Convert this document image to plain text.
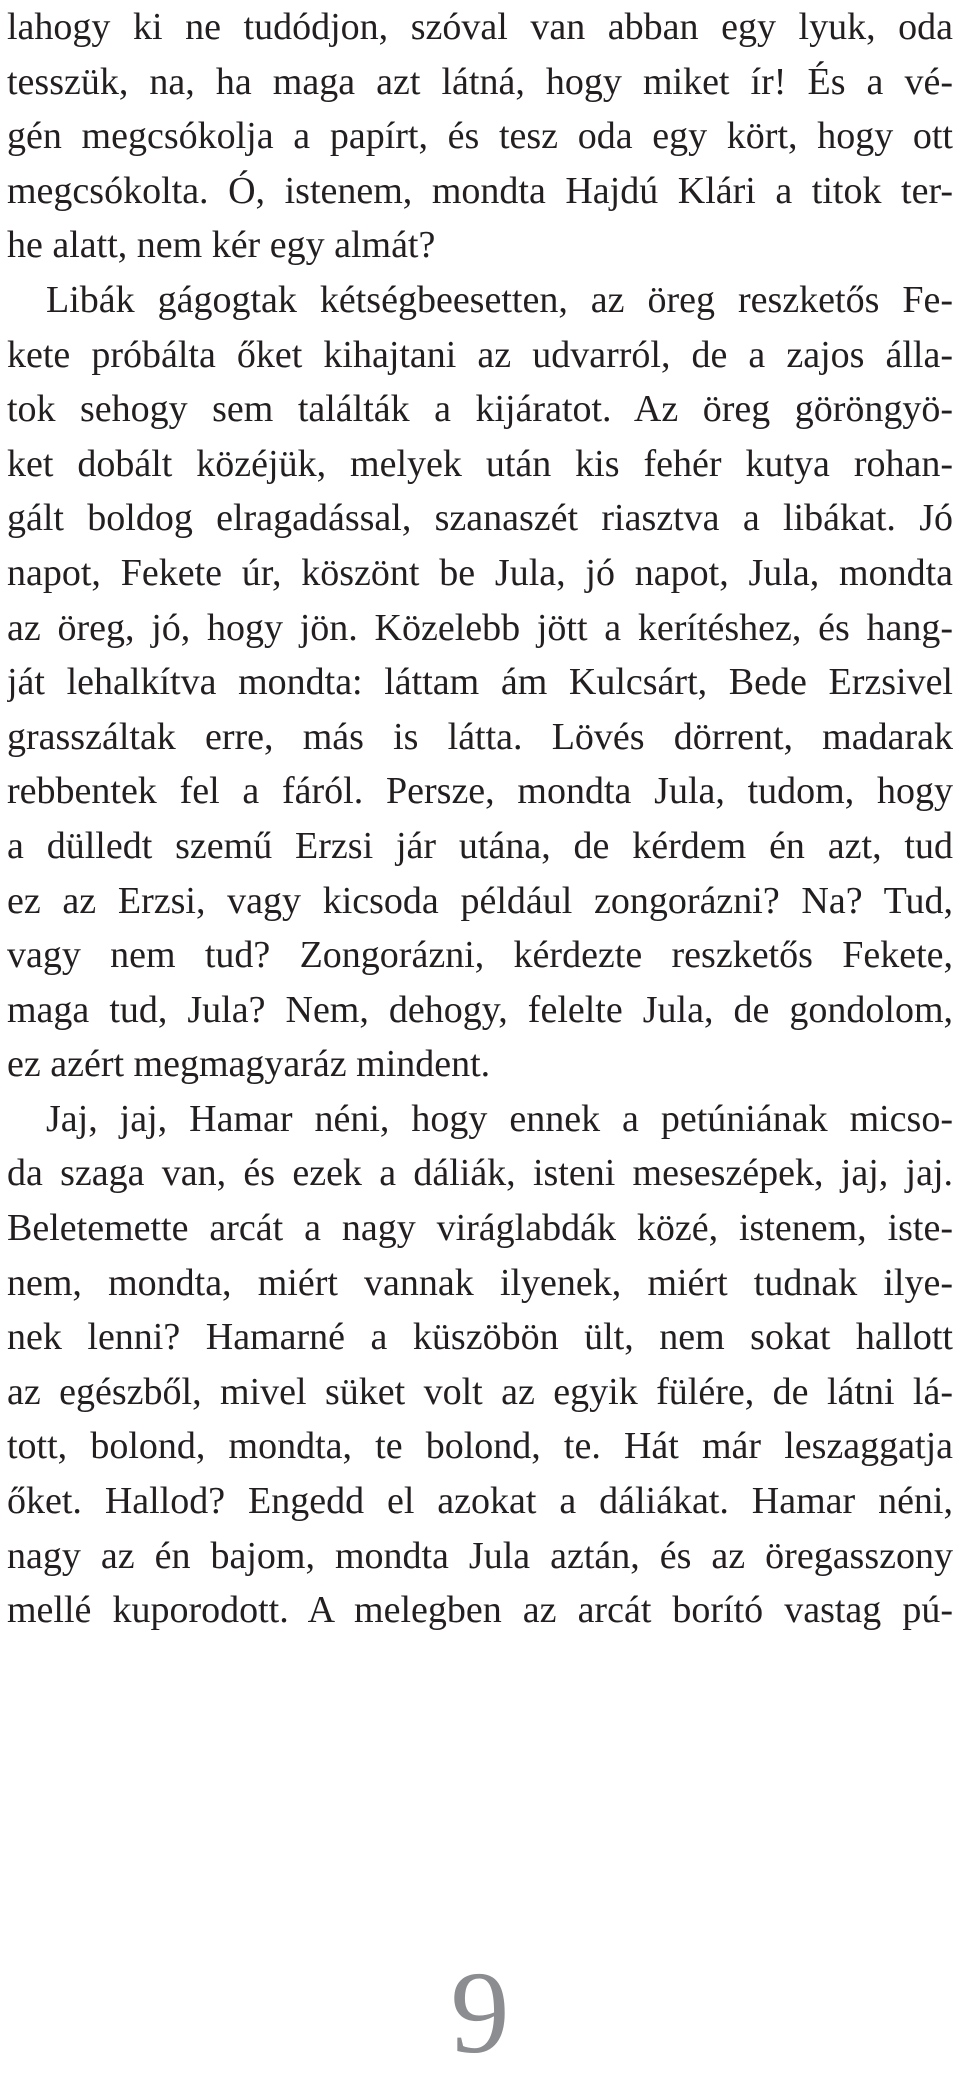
lahogy ki ne tudódjon, szóval van abban egy lyuk, oda
tesszük, na, ha maga azt látná, hogy miket ír! És a vé-
gén megcsókolja a papírt, és tesz oda egy kört, hogy ott
megcsókolta. Ó, istenem, mondta Hajdú Klári a titok ter-
he alatt, nem kér egy almát?
Libák gágogtak kétségbeesetten, az öreg reszketős Fe-
kete próbálta őket kihajtani az udvarról, de a zajos álla-
tok sehogy sem találták a kijáratot. Az öreg göröngyö-
ket dobált közéjük, melyek után kis fehér kutya rohan-
gált boldog elragadással, szanaszét riasztva a libákat. Jó
napot, Fekete úr, köszönt be Jula, jó napot, Jula, mondta
az öreg, jó, hogy jön. Közelebb jött a kerítéshez, és hang-
ját lehalkítva mondta: láttam ám Kulcsárt, Bede Erzsivel
grasszáltak erre, más is látta. Lövés dörrent, madarak
rebbentek fel a fáról. Persze, mondta Jula, tudom, hogy
a dülledt szemű Erzsi jár utána, de kérdem én azt, tud
ez az Erzsi, vagy kicsoda például zongorázni? Na? Tud,
vagy nem tud? Zongorázni, kérdezte reszketős Fekete,
maga tud, Jula? Nem, dehogy, felelte Jula, de gondolom,
ez azért megmagyaráz mindent.
Jaj, jaj, Hamar néni, hogy ennek a petúniának micso-
da szaga van, és ezek a dáliák, isteni meseszépek, jaj, jaj.
Beletemette arcát a nagy viráglabdák közé, istenem, iste-
nem, mondta, miért vannak ilyenek, miért tudnak ilye-
nek lenni? Hamarné a küszöbön ült, nem sokat hallott
az egészből, mivel süket volt az egyik fülére, de látni lá-
tott, bolond, mondta, te bolond, te. Hát már leszaggatja
őket. Hallod? Engedd el azokat a dáliákat. Hamar néni,
nagy az én bajom, mondta Jula aztán, és az öregasszony
mellé kuporodott. A melegben az arcát borító vastag pú-
9
